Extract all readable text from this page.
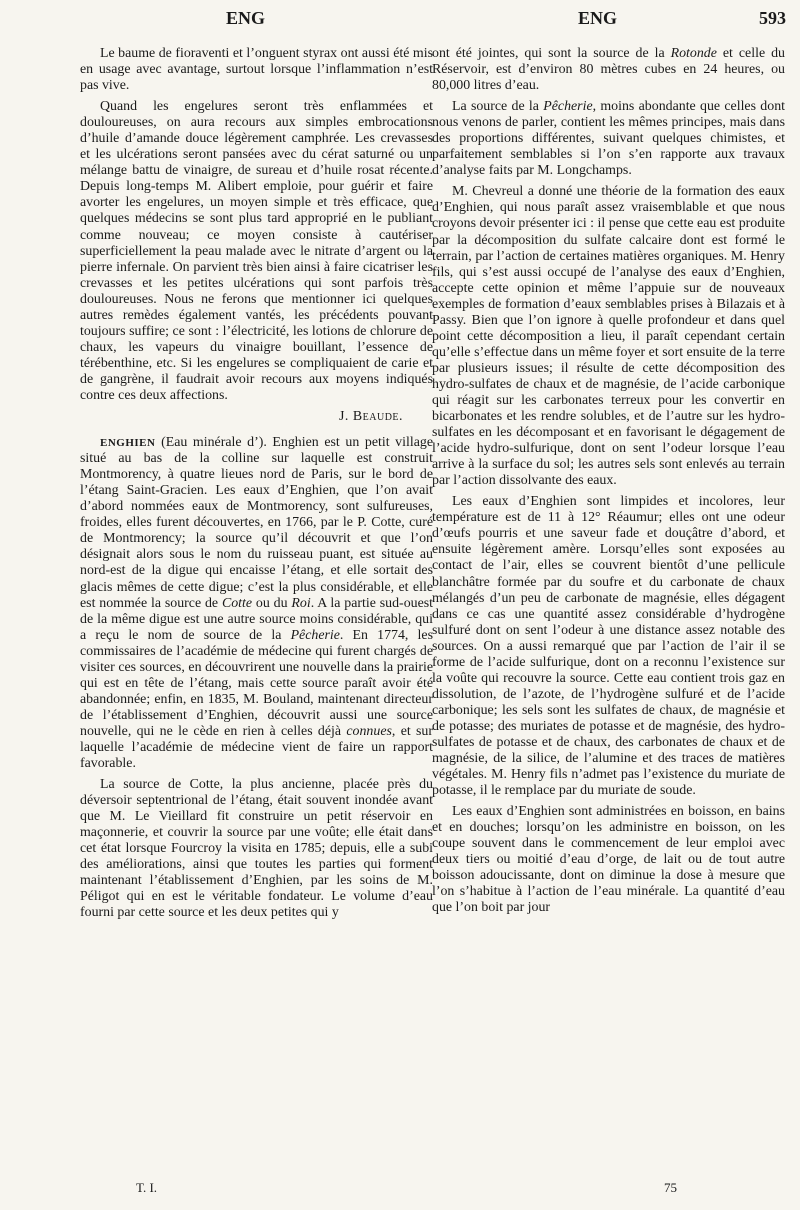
ENG	ENG	593

Le baume de fioraventi et l’onguent styrax ont aussi été mis en usage avec avantage, surtout lorsque l’inflammation n’est pas vive.

Quand les engelures seront très enflammées et douloureuses, on aura recours aux simples embrocations d’huile d’amande douce légèrement camphrée. Les crevasses et les ulcérations seront pansées avec du cérat saturné ou un mélange battu de vinaigre, de sureau et d’huile rosat récente. Depuis long-temps M. Alibert emploie, pour guérir et faire avorter les engelures, un moyen simple et très efficace, que quelques médecins se sont plus tard approprié en le publiant comme nouveau; ce moyen consiste à cautériser superficiellement la peau malade avec le nitrate d’argent ou la pierre infernale. On parvient très bien ainsi à faire cicatriser les crevasses et les petites ulcérations qui sont parfois très douloureuses. Nous ne ferons que mentionner ici quelques autres remèdes également vantés, les précédents pouvant toujours suffire; ce sont : l’électricité, les lotions de chlorure de chaux, les vapeurs du vinaigre bouillant, l’essence de térébenthine, etc. Si les engelures se compliquaient de carie et de gangrène, il faudrait avoir recours aux moyens indiqués contre ces deux affections.

J. Beaude.

ENGHIEN (Eau minérale d’). Enghien est un petit village situé au bas de la colline sur laquelle est construit Montmorency, à quatre lieues nord de Paris, sur le bord de l’étang Saint-Gracien. Les eaux d’Enghien, que l’on avait d’abord nommées eaux de Montmorency, sont sulfureuses, froides, elles furent découvertes, en 1766, par le P. Cotte, curé de Montmorency; la source qu’il découvrit et que l’on désignait alors sous le nom du ruisseau puant, est située au nord-est de la digue qui encaisse l’étang, et elle sortait des glacis mêmes de cette digue; c’est la plus considérable, et elle est nommée la source de Cotte ou du Roi. A la partie sud-ouest de la même digue est une autre source moins considérable, qui a reçu le nom de source de la Pêcherie. En 1774, les commissaires de l’académie de médecine qui furent chargés de visiter ces sources, en découvrirent une nouvelle dans la prairie qui est en tête de l’étang, mais cette source paraît avoir été abandonnée; enfin, en 1835, M. Bouland, maintenant directeur de l’établissement d’Enghien, découvrit aussi une source nouvelle, qui ne le cède en rien à celles déjà connues, et sur laquelle l’académie de médecine vient de faire un rapport favorable.

La source de Cotte, la plus ancienne, placée près du déversoir septentrional de l’étang, était souvent inondée avant que M. Le Vieillard fit construire un petit réservoir en maçonnerie, et couvrir la source par une voûte; elle était dans cet état lorsque Fourcroy la visita en 1785; depuis, elle a subi des améliorations, ainsi que toutes les parties qui forment maintenant l’établissement d’Enghien, par les soins de M. Péligot qui en est le véritable fondateur. Le volume d’eau fourni par cette source et les deux petites qui y

ont été jointes, qui sont la source de la Rotonde et celle du Réservoir, est d’environ 80 mètres cubes en 24 heures, ou 80,000 litres d’eau.

La source de la Pêcherie, moins abondante que celles dont nous venons de parler, contient les mêmes principes, mais dans des proportions différentes, suivant quelques chimistes, et parfaitement semblables si l’on s’en rapporte aux travaux d’analyse faits par M. Longchamps.

M. Chevreul a donné une théorie de la formation des eaux d’Enghien, qui nous paraît assez vraisemblable et que nous croyons devoir présenter ici : il pense que cette eau est produite par la décomposition du sulfate calcaire dont est formé le terrain, par l’action de certaines matières organiques. M. Henry fils, qui s’est aussi occupé de l’analyse des eaux d’Enghien, accepte cette opinion et même l’appuie sur de nouveaux exemples de formation d’eaux semblables prises à Bilazais et à Passy. Bien que l’on ignore à quelle profondeur et dans quel point cette décomposition a lieu, il paraît cependant certain qu’elle s’effectue dans un même foyer et sort ensuite de la terre par plusieurs issues; il résulte de cette décomposition des hydro-sulfates de chaux et de magnésie, de l’acide carbonique qui réagit sur les carbonates terreux pour les convertir en bicarbonates et les rendre solubles, et de l’autre sur les hydro-sulfates en les décomposant et en favorisant le dégagement de l’acide hydro-sulfurique, dont on sent l’odeur lorsque l’eau arrive à la surface du sol; les autres sels sont enlevés au terrain par l’action dissolvante des eaux.

Les eaux d’Enghien sont limpides et incolores, leur température est de 11 à 12° Réaumur; elles ont une odeur d’œufs pourris et une saveur fade et douçâtre d’abord, et ensuite légèrement amère. Lorsqu’elles sont exposées au contact de l’air, elles se couvrent bientôt d’une pellicule blanchâtre formée par du soufre et du carbonate de chaux mélangés d’un peu de carbonate de magnésie, elles dégagent dans ce cas une quantité assez considérable d’hydrogène sulfuré dont on sent l’odeur à une distance assez notable des sources. On a aussi remarqué que par l’action de l’air il se forme de l’acide sulfurique, dont on a reconnu l’existence sur la voûte qui recouvre la source. Cette eau contient trois gaz en dissolution, de l’azote, de l’hydrogène sulfuré et de l’acide carbonique; les sels sont les sulfates de chaux, de magnésie et de potasse; des muriates de potasse et de magnésie, des hydro-sulfates de potasse et de chaux, des carbonates de chaux et de magnésie, de la silice, de l’alumine et des traces de matières végétales. M. Henry fils n’admet pas l’existence du muriate de potasse, il le remplace par du muriate de soude.

Les eaux d’Enghien sont administrées en boisson, en bains et en douches; lorsqu’on les administre en boisson, on les coupe souvent dans le commencement de leur emploi avec deux tiers ou moitié d’eau d’orge, de lait ou de tout autre boisson adoucissante, dont on diminue la dose à mesure que l’on s’habitue à l’action de l’eau minérale. La quantité d’eau que l’on boit par jour

T. I.	75
